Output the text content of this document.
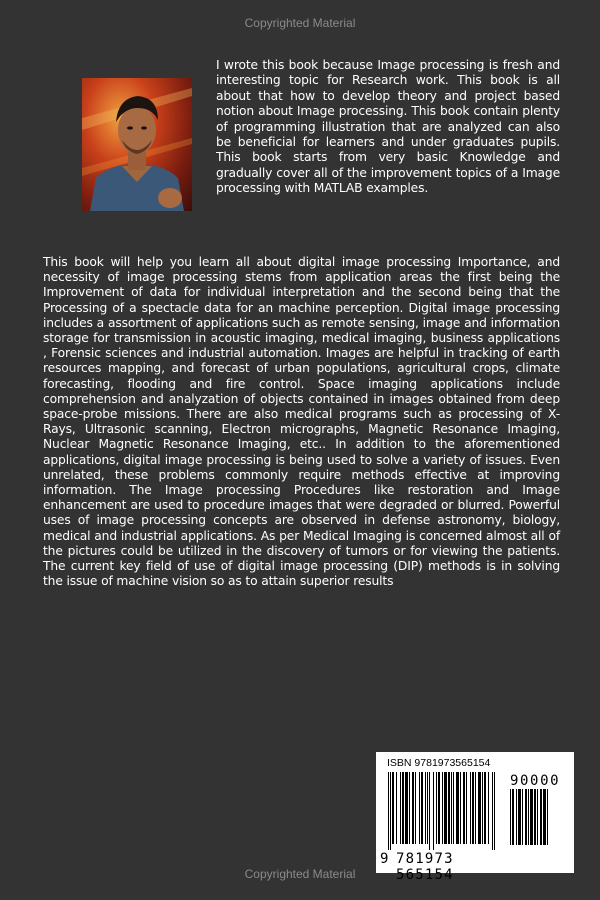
Copyrighted Material

I wrote this book because Image processing is fresh and interesting topic for Research work. This book is all about that how to develop theory and project based notion about Image processing. This book contain plenty of programming illustration that are analyzed can also be beneficial for learners and under graduates pupils. This book starts from very basic Knowledge and gradually cover all of the improvement topics of a Image processing with MATLAB examples.

This book will help you learn all about digital image processing Importance, and necessity of image processing stems from application areas the first being the Improvement of data for individual interpretation and the second being that the Processing of a spectacle data for an machine perception. Digital image processing includes a assortment of applications such as remote sensing, image and information storage for transmission in acoustic imaging, medical imaging, business applications , Forensic sciences and industrial automation. Images are helpful in tracking of earth resources mapping, and forecast of urban populations, agricultural crops, climate forecasting, flooding and fire control. Space imaging applications include comprehension and analyzation of objects contained in images obtained from deep space-probe missions. There are also medical programs such as processing of X-Rays, Ultrasonic scanning, Electron micrographs, Magnetic Resonance Imaging, Nuclear Magnetic Resonance Imaging, etc.. In addition to the aforementioned applications, digital image processing is being used to solve a variety of issues. Even unrelated, these problems commonly require methods effective at improving information. The Image processing Procedures like restoration and Image enhancement are used to procedure images that were degraded or blurred. Powerful uses of image processing concepts are observed in defense astronomy, biology, medical and industrial applications. As per Medical Imaging is concerned almost all of the pictures could be utilized in the discovery of tumors or for viewing the patients. The current key field of use of digital image processing (DIP) methods is in solving the issue of machine vision so as to attain superior results

ISBN 9781973565154
9 781973 565154
90000
Copyrighted Material
